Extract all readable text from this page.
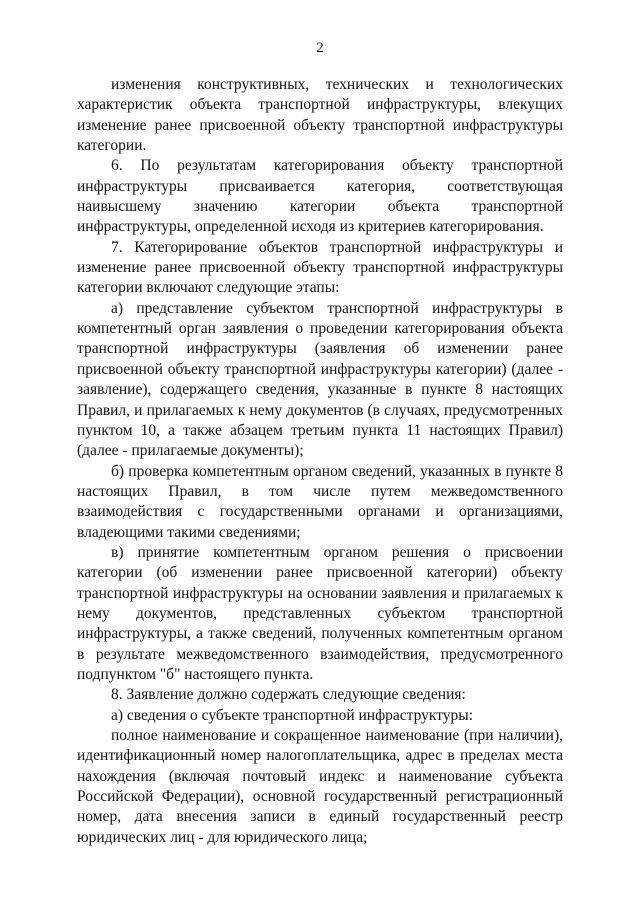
2

изменения конструктивных, технических и технологических характеристик объекта транспортной инфраструктуры, влекущих изменение ранее присвоенной объекту транспортной инфраструктуры категории.

6. По результатам категорирования объекту транспортной инфраструктуры присваивается категория, соответствующая наивысшему значению категории объекта транспортной инфраструктуры, определенной исходя из критериев категорирования.

7. Категорирование объектов транспортной инфраструктуры и изменение ранее присвоенной объекту транспортной инфраструктуры категории включают следующие этапы:

а) представление субъектом транспортной инфраструктуры в компетентный орган заявления о проведении категорирования объекта транспортной инфраструктуры (заявления об изменении ранее присвоенной объекту транспортной инфраструктуры категории) (далее - заявление), содержащего сведения, указанные в пункте 8 настоящих Правил, и прилагаемых к нему документов (в случаях, предусмотренных пунктом 10, а также абзацем третьим пункта 11 настоящих Правил) (далее - прилагаемые документы);

б) проверка компетентным органом сведений, указанных в пункте 8 настоящих Правил, в том числе путем межведомственного взаимодействия с государственными органами и организациями, владеющими такими сведениями;

в) принятие компетентным органом решения о присвоении категории (об изменении ранее присвоенной категории) объекту транспортной инфраструктуры на основании заявления и прилагаемых к нему документов, представленных субъектом транспортной инфраструктуры, а также сведений, полученных компетентным органом в результате межведомственного взаимодействия, предусмотренного подпунктом "б" настоящего пункта.

8. Заявление должно содержать следующие сведения:

а) сведения о субъекте транспортной инфраструктуры:

полное наименование и сокращенное наименование (при наличии), идентификационный номер налогоплательщика, адрес в пределах места нахождения (включая почтовый индекс и наименование субъекта Российской Федерации), основной государственный регистрационный номер, дата внесения записи в единый государственный реестр юридических лиц - для юридического лица;
